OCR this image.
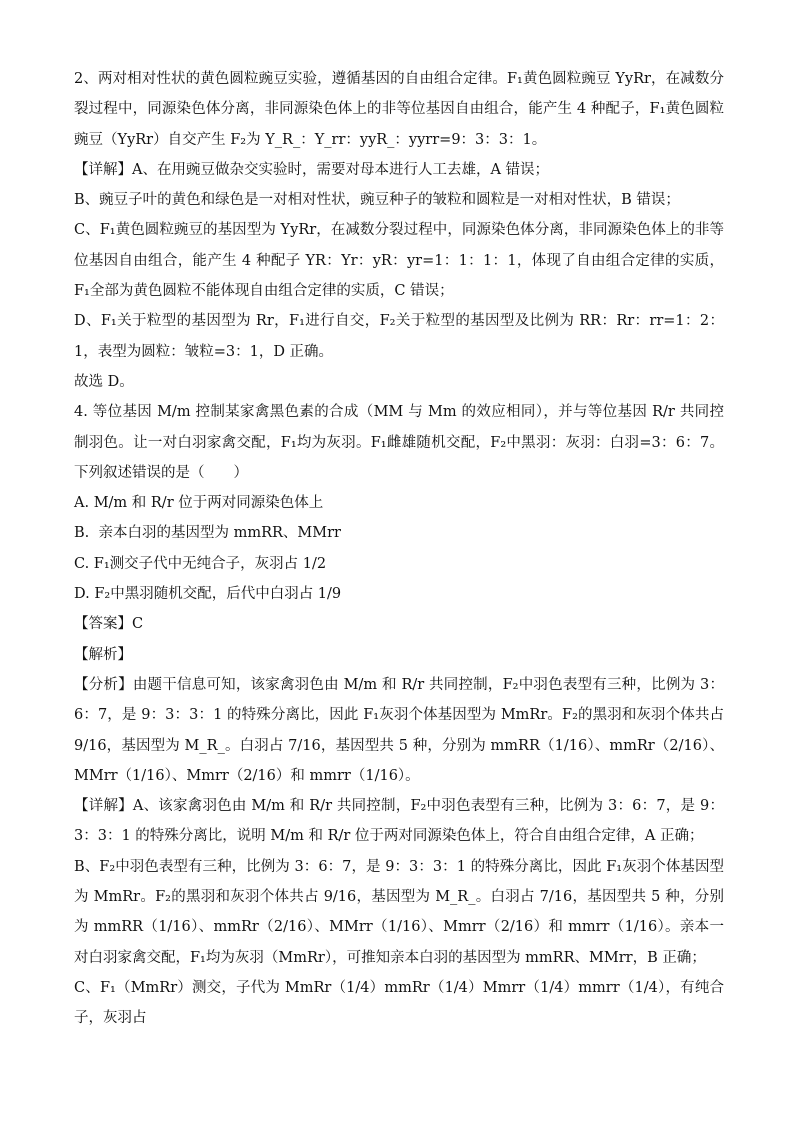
2、两对相对性状的黄色圆粒豌豆实验，遵循基因的自由组合定律。F₁黄色圆粒豌豆 YyRr，在减数分裂过程中，同源染色体分离，非同源染色体上的非等位基因自由组合，能产生 4 种配子，F₁黄色圆粒豌豆（YyRr）自交产生 F₂为 Y_R_：Y_rr：yyR_：yyrr=9：3：3：1。

【详解】A、在用豌豆做杂交实验时，需要对母本进行人工去雄，A 错误；

B、豌豆子叶的黄色和绿色是一对相对性状，豌豆种子的皱粒和圆粒是一对相对性状，B 错误；

C、F₁黄色圆粒豌豆的基因型为 YyRr，在减数分裂过程中，同源染色体分离，非同源染色体上的非等位基因自由组合，能产生 4 种配子 YR：Yr：yR：yr=1：1：1：1，体现了自由组合定律的实质，F₁全部为黄色圆粒不能体现自由组合定律的实质，C 错误；

D、F₁关于粒型的基因型为 Rr，F₁进行自交，F₂关于粒型的基因型及比例为 RR：Rr：rr=1：2：1，表型为圆粒：皱粒=3：1，D 正确。

故选 D。

4. 等位基因 M/m 控制某家禽黑色素的合成（MM 与 Mm 的效应相同），并与等位基因 R/r 共同控制羽色。让一对白羽家禽交配，F₁均为灰羽。F₁雌雄随机交配，F₂中黑羽：灰羽：白羽=3：6：7。下列叙述错误的是（　　）

A. M/m 和 R/r 位于两对同源染色体上

B.  亲本白羽的基因型为 mmRR、MMrr

C. F₁测交子代中无纯合子，灰羽占 1/2

D. F₂中黑羽随机交配，后代中白羽占 1/9

【答案】C

【解析】

【分析】由题干信息可知，该家禽羽色由 M/m 和 R/r 共同控制，F₂中羽色表型有三种，比例为 3：6：7，是 9：3：3：1 的特殊分离比，因此 F₁灰羽个体基因型为 MmRr。F₂的黑羽和灰羽个体共占 9/16，基因型为 M_R_。白羽占 7/16，基因型共 5 种，分别为 mmRR（1/16）、mmRr（2/16）、MMrr（1/16）、Mmrr（2/16）和 mmrr（1/16）。

【详解】A、该家禽羽色由 M/m 和 R/r 共同控制，F₂中羽色表型有三种，比例为 3：6：7，是 9：3：3：1 的特殊分离比，说明 M/m 和 R/r 位于两对同源染色体上，符合自由组合定律，A 正确；

B、F₂中羽色表型有三种，比例为 3：6：7，是 9：3：3：1 的特殊分离比，因此 F₁灰羽个体基因型为 MmRr。F₂的黑羽和灰羽个体共占 9/16，基因型为 M_R_。白羽占 7/16，基因型共 5 种，分别为 mmRR（1/16）、mmRr（2/16）、MMrr（1/16）、Mmrr（2/16）和 mmrr（1/16）。亲本一对白羽家禽交配，F₁均为灰羽（MmRr），可推知亲本白羽的基因型为 mmRR、MMrr，B 正确；

C、F₁（MmRr）测交，子代为 MmRr（1/4）mmRr（1/4）Mmrr（1/4）mmrr（1/4），有纯合子，灰羽占
